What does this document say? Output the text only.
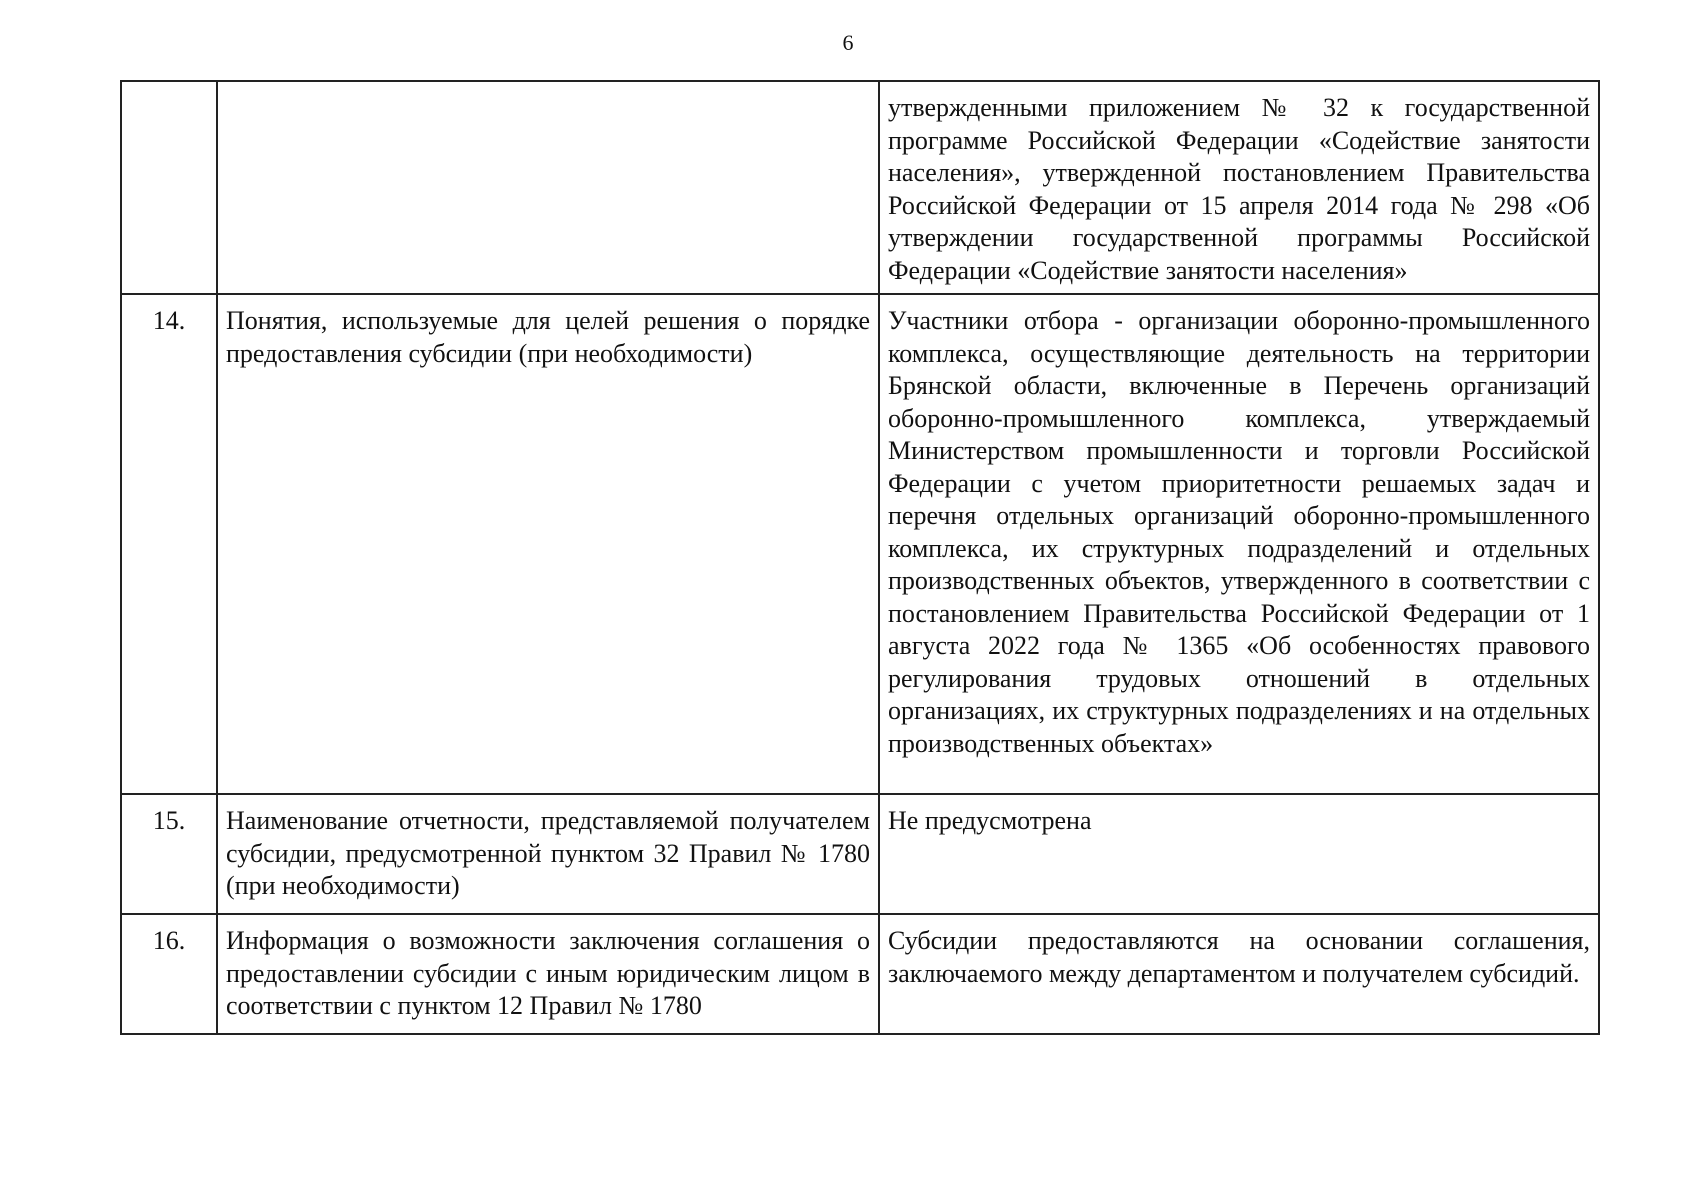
6
		утвержденными приложением № 32 к государственной программе Российской Федерации «Содействие занятости населения», утвержденной постановлением Правительства Российской Федерации от 15 апреля 2014 года № 298 «Об утверждении государственной программы Российской Федерации «Содействие занятости населения»
14.	Понятия, используемые для целей решения о порядке предоставления субсидии (при необходимости)	Участники отбора - организации оборонно-промышленного комплекса, осуществляющие деятельность на территории Брянской области, включенные в Перечень организаций оборонно-промышленного комплекса, утверждаемый Министерством промышленности и торговли Российской Федерации с учетом приоритетности решаемых задач и перечня отдельных организаций оборонно-промышленного комплекса, их структурных подразделений и отдельных производственных объектов, утвержденного в соответствии с постановлением Правительства Российской Федерации от 1 августа 2022 года № 1365 «Об особенностях правового регулирования трудовых отношений в отдельных организациях, их структурных подразделениях и на отдельных производственных объектах»
15.	Наименование отчетности, представляемой получателем субсидии, предусмотренной пунктом 32 Правил № 1780 (при необходимости)	Не предусмотрена
16.	Информация о возможности заключения соглашения о предоставлении субсидии с иным юридическим лицом в соответствии с пунктом 12 Правил № 1780	Субсидии предоставляются на основании соглашения, заключаемого между департаментом и получателем субсидий.
